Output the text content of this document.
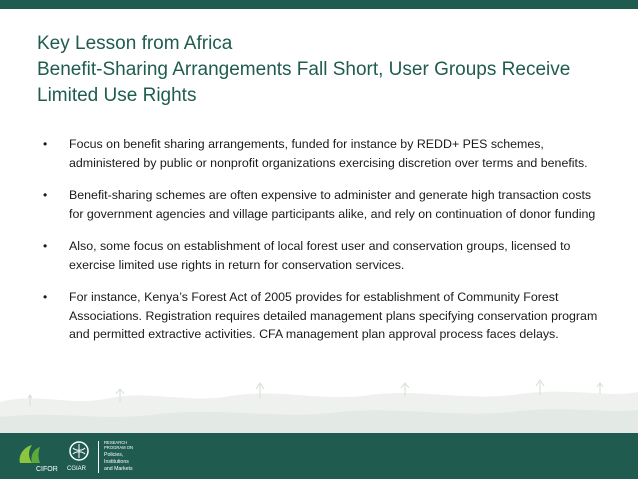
Key Lesson from Africa
Benefit-Sharing Arrangements Fall Short, User Groups Receive
Limited Use Rights
• Focus on benefit sharing arrangements, funded for instance by REDD+ PES schemes, administered by public or nonprofit organizations exercising discretion over terms and benefits.
• Benefit-sharing schemes are often expensive to administer and generate high transaction costs for government agencies and village participants alike, and rely on continuation of donor funding
• Also, some focus on establishment of local forest user and conservation groups, licensed to exercise limited use rights in return for conservation services.
• For instance, Kenya’s Forest Act of 2005 provides for establishment of Community Forest Associations. Registration requires detailed management plans specifying conservation program and permitted extractive activities. CFA management plan approval process faces delays.
CIFOR CGIAR
RESEARCH
PROGRAM ON
Policies,
Institutions
and Markets
